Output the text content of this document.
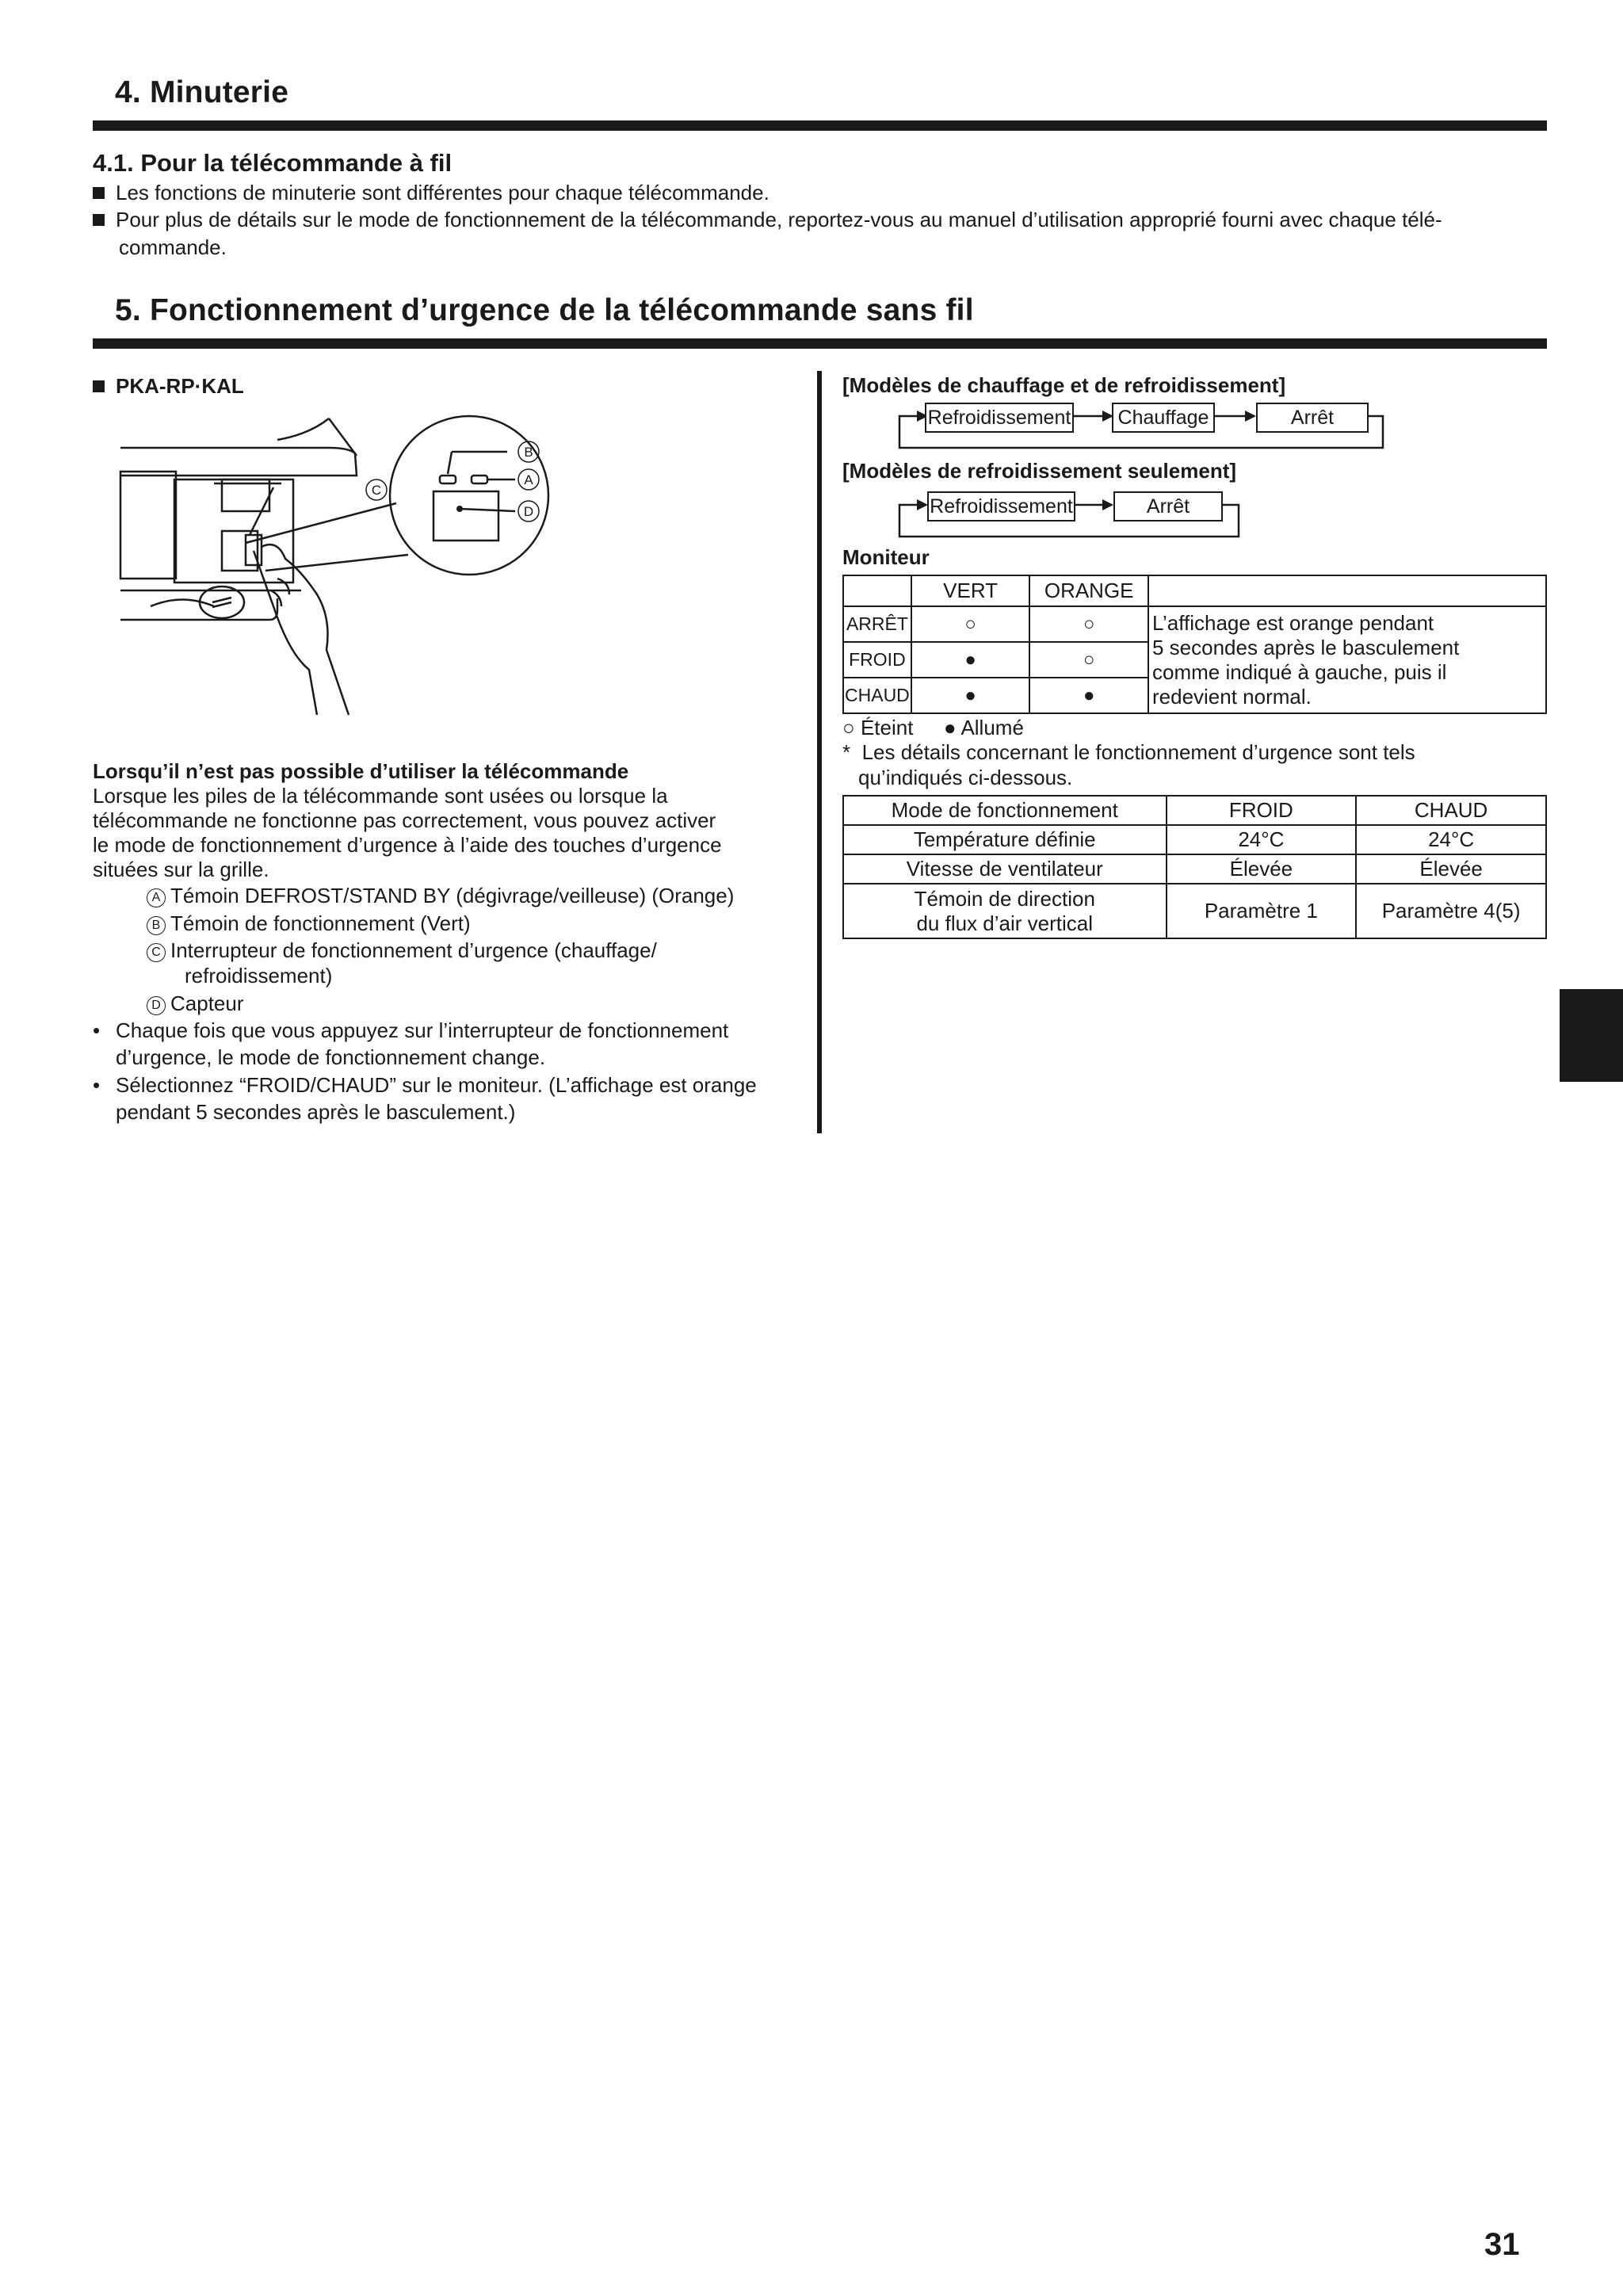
4. Minuterie
4.1. Pour la télécommande à fil
Les fonctions de minuterie sont différentes pour chaque télécommande.
Pour plus de détails sur le mode de fonctionnement de la télécommande, reportez-vous au manuel d’utilisation approprié fourni avec chaque télé-
commande.
5. Fonctionnement d’urgence de la télécommande sans fil
PKA-RP·KAL
B
A
D
C
Lorsqu’il n’est pas possible d’utiliser la télécommande
Lorsque les piles de la télécommande sont usées ou lorsque la
télécommande ne fonctionne pas correctement, vous pouvez activer
le mode de fonctionnement d’urgence à l’aide des touches d’urgence
situées sur la grille.
A Témoin DEFROST/STAND BY (dégivrage/veilleuse) (Orange)
B Témoin de fonctionnement (Vert)
C Interrupteur de fonctionnement d’urgence (chauffage/
refroidissement)
D Capteur
• Chaque fois que vous appuyez sur l’interrupteur de fonctionnement
d’urgence, le mode de fonctionnement change.
• Sélectionnez “FROID/CHAUD” sur le moniteur. (L’affichage est orange
pendant 5 secondes après le basculement.)
[Modèles de chauffage et de refroidissement]
Refroidissement	Chauffage	Arrêt
[Modèles de refroidissement seulement]
Refroidissement	Arrêt
Moniteur
	VERT	ORANGE	
ARRÊT	○	○	L’affichage est orange pendant
5 secondes après le basculement
comme indiqué à gauche, puis il
redevient normal.

FROID	●	○	
CHAUD	●	●	
○ Éteint ● Allumé
*  Les détails concernant le fonctionnement d’urgence sont tels
qu’indiqués ci-dessous.
Mode de fonctionnement	FROID	CHAUD
Température définie	24°C	24°C
Vitesse de ventilateur	Élevée	Élevée

Témoin de direction
du flux d’air vertical	Paramètre 1	Paramètre 4(5)
31
